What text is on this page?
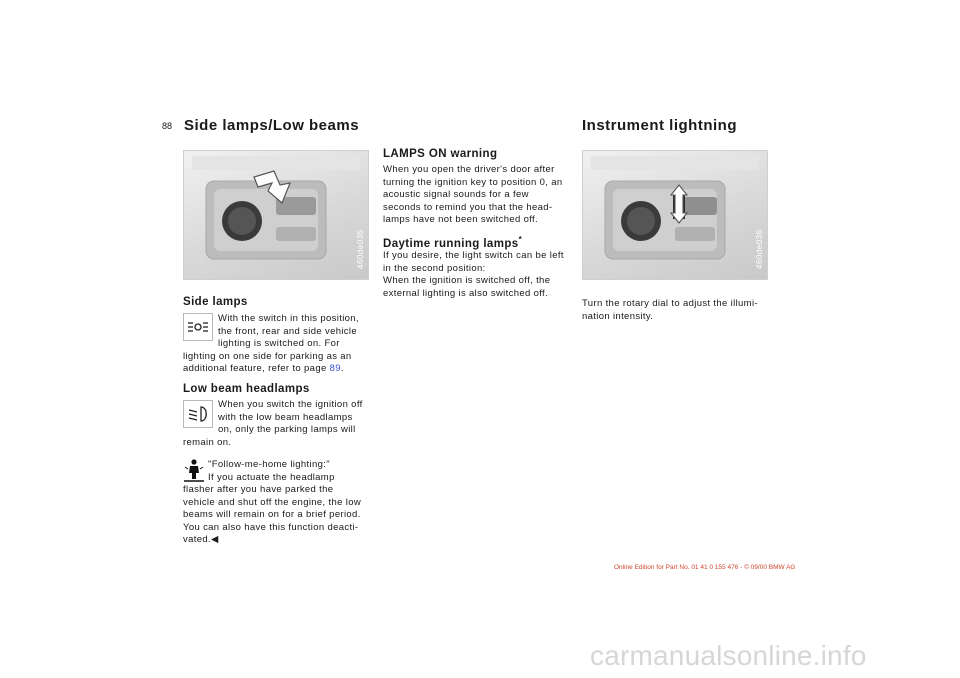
88 Side lamps/Low beams	Instrument lightning
460de035	460de036
Side lamps
With the switch in this position,
the front, rear and side vehicle
lighting is switched on. For
lighting on one side for parking as an
additional feature, refer to page 89.
Low beam headlamps
When you switch the ignition off
with the low beam headlamps
on, only the parking lamps will
remain on.
"Follow-me-home lighting:"
If you actuate the headlamp
flasher after you have parked the
vehicle and shut off the engine, the low
beams will remain on for a brief period.
You can also have this function deacti-
vated.◀
LAMPS ON warning
When you open the driver's door after
turning the ignition key to position 0, an
acoustic signal sounds for a few
seconds to remind you that the head-
lamps have not been switched off.
Daytime running lamps*
If you desire, the light switch can be left
in the second position:
When the ignition is switched off, the
external lighting is also switched off.
Turn the rotary dial to adjust the illumi-
nation intensity.
Online Edition for Part No. 01 41 0 155 476 - © 09/00 BMW AG
carmanualsonline.info
